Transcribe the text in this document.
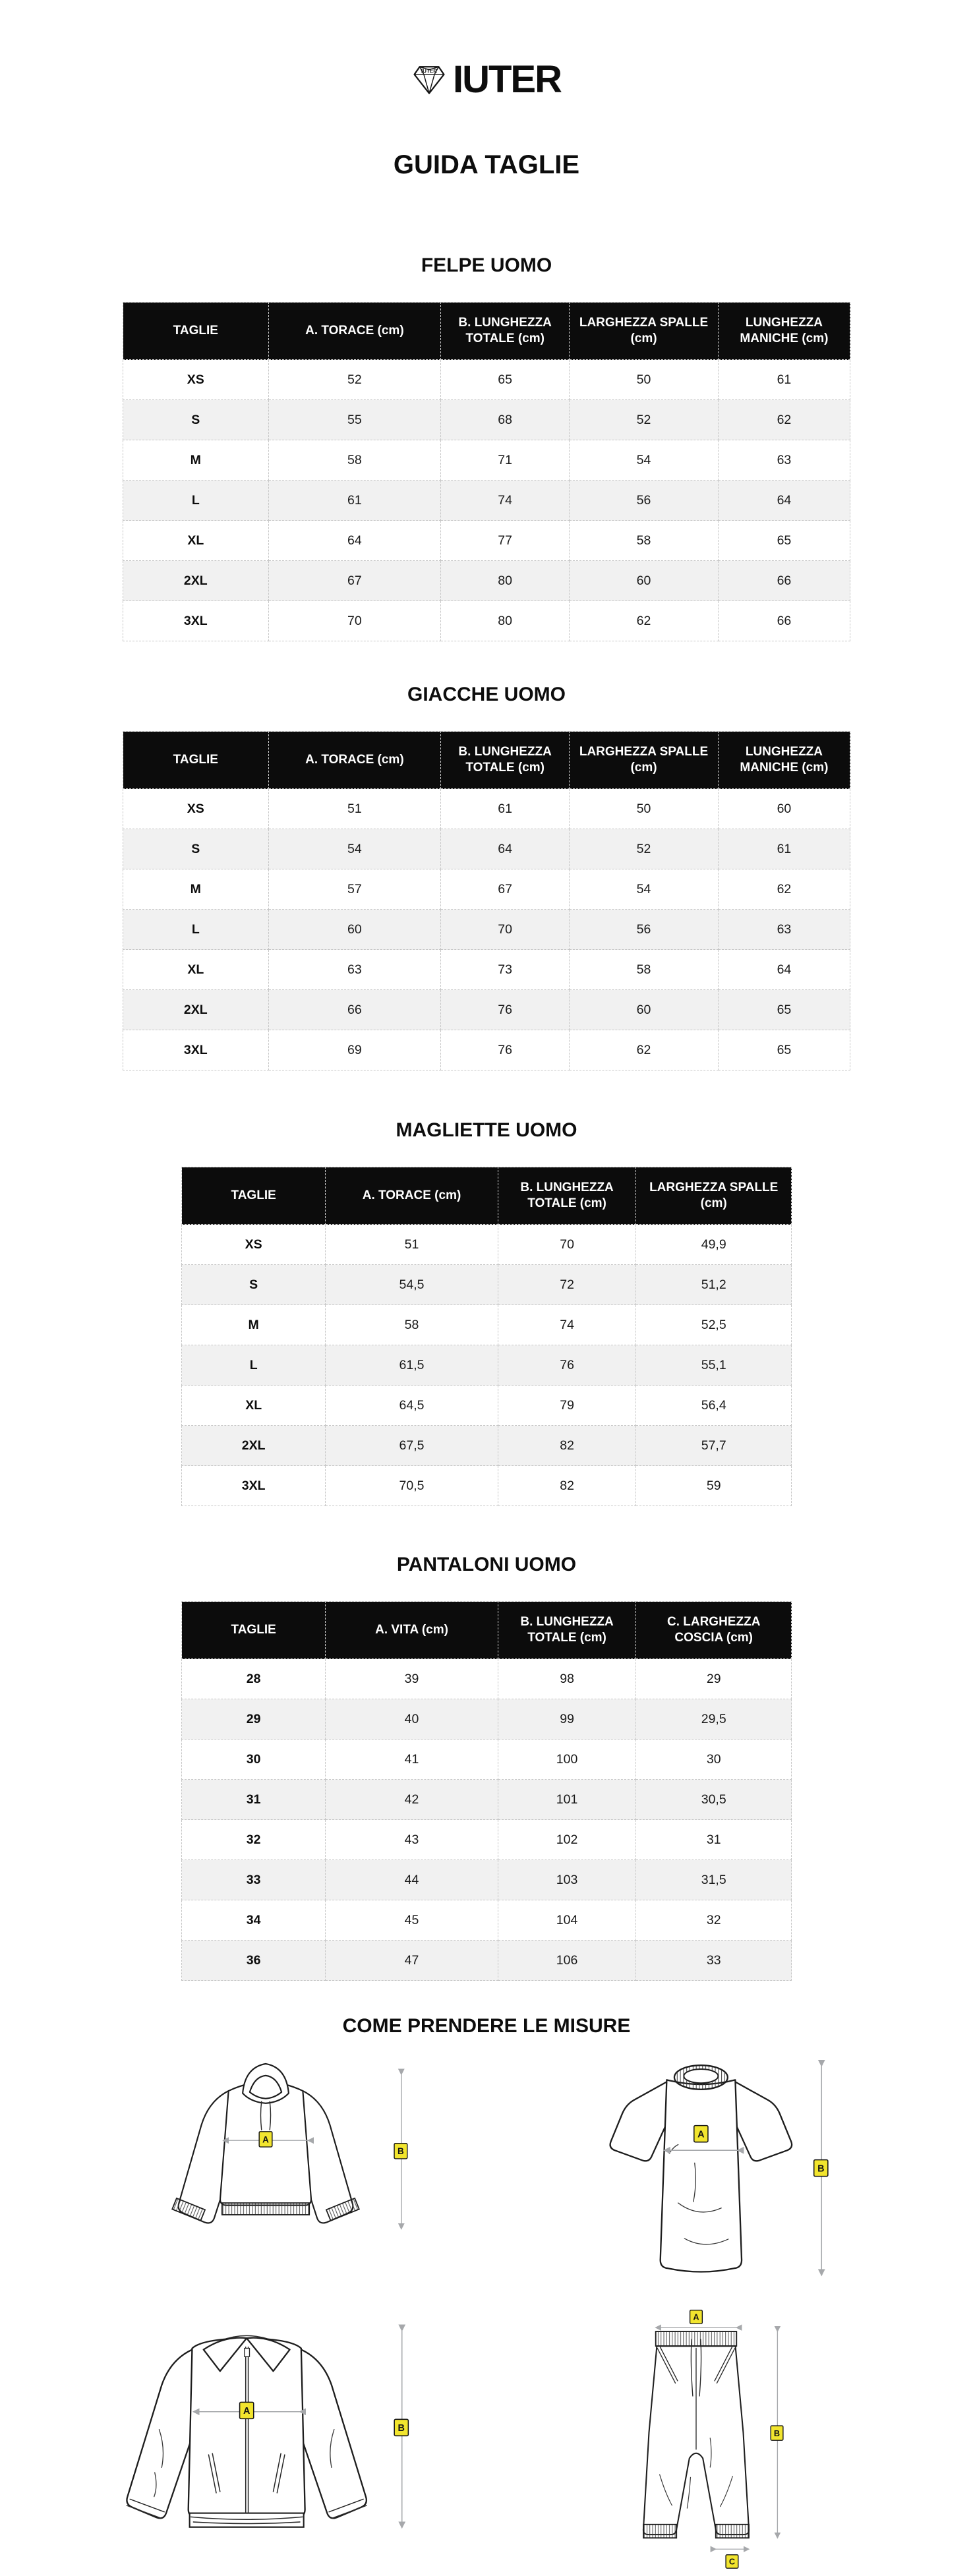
IUTER IUTER
GUIDA TAGLIE
FELPE UOMO
TAGLIE	A. TORACE (cm)	B. LUNGHEZZA TOTALE (cm)	LARGHEZZA SPALLE (cm)	LUNGHEZZA MANICHE (cm)
XS	52	65	50	61
S	55	68	52	62
M	58	71	54	63
L	61	74	56	64
XL	64	77	58	65
2XL	67	80	60	66
3XL	70	80	62	66
GIACCHE UOMO
TAGLIE	A. TORACE (cm)	B. LUNGHEZZA TOTALE (cm)	LARGHEZZA SPALLE (cm)	LUNGHEZZA MANICHE (cm)
XS	51	61	50	60
S	54	64	52	61
M	57	67	54	62
L	60	70	56	63
XL	63	73	58	64
2XL	66	76	60	65
3XL	69	76	62	65
MAGLIETTE UOMO
TAGLIE	A. TORACE (cm)	B. LUNGHEZZA TOTALE (cm)	LARGHEZZA SPALLE (cm)
XS	51	70	49,9
S	54,5	72	51,2
M	58	74	52,5
L	61,5	76	55,1
XL	64,5	79	56,4
2XL	67,5	82	57,7
3XL	70,5	82	59
PANTALONI UOMO
TAGLIE	A. VITA (cm)	B. LUNGHEZZA TOTALE (cm)	C. LARGHEZZA COSCIA (cm)
28	39	98	29
29	40	99	29,5
30	41	100	30
31	42	101	30,5
32	43	102	31
33	44	103	31,5
34	45	104	32
36	47	106	33
COME PRENDERE LE MISURE
A
B
A
B
A
B
A
B
C
